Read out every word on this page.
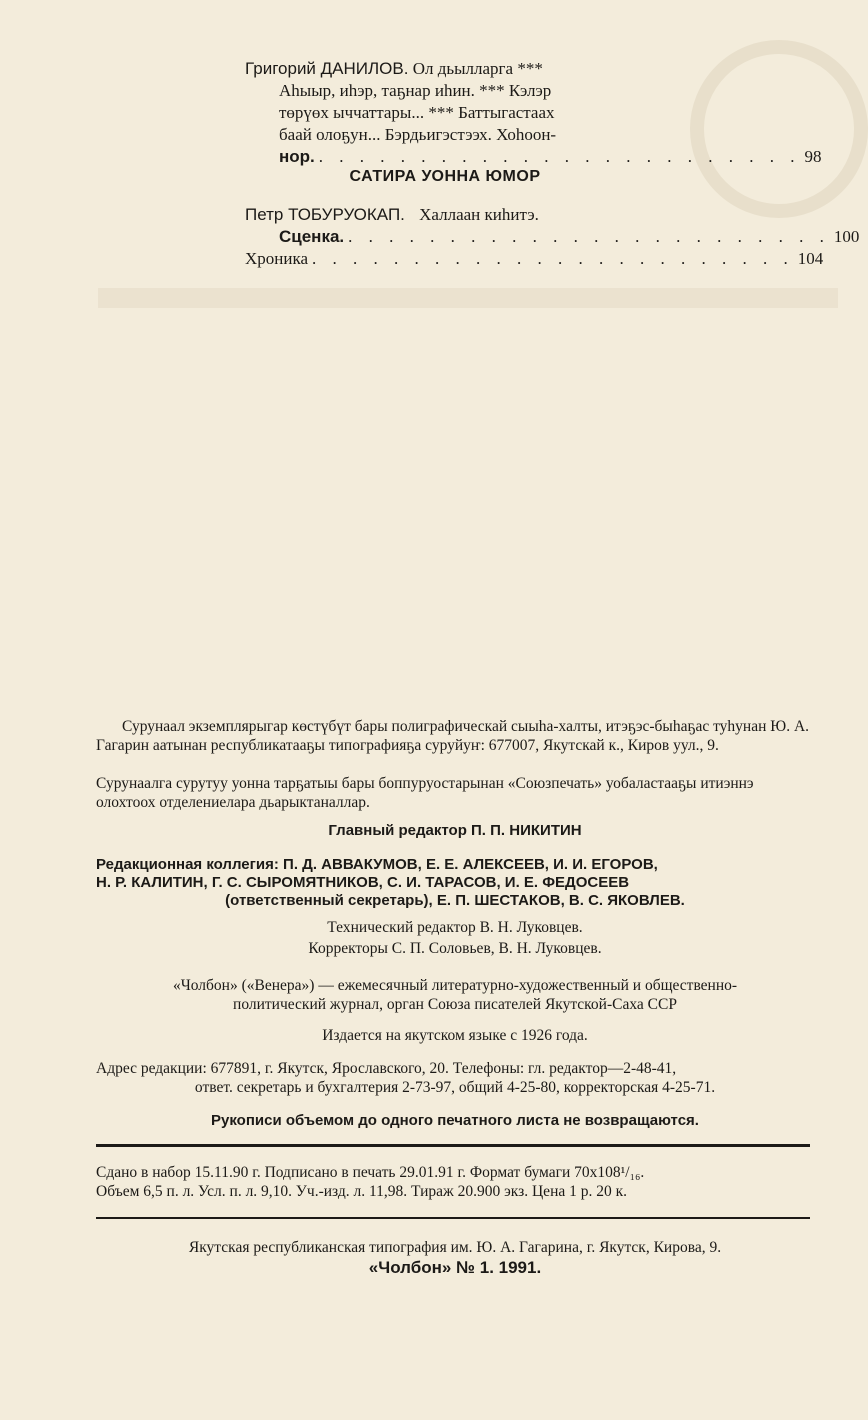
Григорий ДАНИЛОВ. Ол дьылларга ***
Аһыыр, иһэр, таҕнар иһин. *** Кэлэр
төрүөх ыччаттары... *** Баттыгастаах
баай олоҕун... Бэрдьигэстээх. Хоһоон-
нор. . . . . . . . . . . . . . . . . . . . . . . . . 98
САТИРА УОННА ЮМОР
Петр ТОБУРУОКАП. Халлаан киһитэ.
Сценка. . . . . . . . . . . . . . . . . . . . . . . . . 100
Хроника . . . . . . . . . . . . . . . . . . . . . . . . 104
Сурунаал экземплярыгар көстүбүт бары полиграфическай сыыһа-халты, итэҕэс-быһаҕас туһунан Ю. А. Гагарин аатынан республикатааҕы типографияҕа суруйуҥ: 677007, Якутскай к., Киров уул., 9.
Сурунаалга сурутуу уонна тарҕатыы бары боппуруостарынан «Союзпечать» уобаластааҕы итиэннэ олохтоох отделениелара дьарыктаналлар.
Главный редактор П. П. НИКИТИН
Редакционная коллегия: П. Д. АВВАКУМОВ, Е. Е. АЛЕКСЕЕВ, И. И. ЕГОРОВ,
Н. Р. КАЛИТИН, Г. С. СЫРОМЯТНИКОВ, С. И. ТАРАСОВ, И. Е. ФЕДОСЕЕВ
(ответственный секретарь), Е. П. ШЕСТАКОВ, В. С. ЯКОВЛЕВ.
Технический редактор В. Н. Луковцев.
Корректоры С. П. Соловьев, В. Н. Луковцев.
«Чолбон» («Венера») — ежемесячный литературно-художественный и общественно-
политический журнал, орган Союза писателей Якутской-Саха ССР
Издается на якутском языке с 1926 года.
Адрес редакции: 677891, г. Якутск, Ярославского, 20. Телефоны: гл. редактор—2-48-41,
ответ. секретарь и бухгалтерия 2-73-97, общий 4-25-80, корректорская 4-25-71.
Рукописи объемом до одного печатного листа не возвращаются.
Сдано в набор 15.11.90 г. Подписано в печать 29.01.91 г. Формат бумаги 70х108¹/₁₆.
Объем 6,5 п. л. Усл. п. л. 9,10. Уч.-изд. л. 11,98. Тираж 20.900 экз. Цена 1 р. 20 к.
Якутская республиканская типография им. Ю. А. Гагарина, г. Якутск, Кирова, 9.
«Чолбон» № 1. 1991.
